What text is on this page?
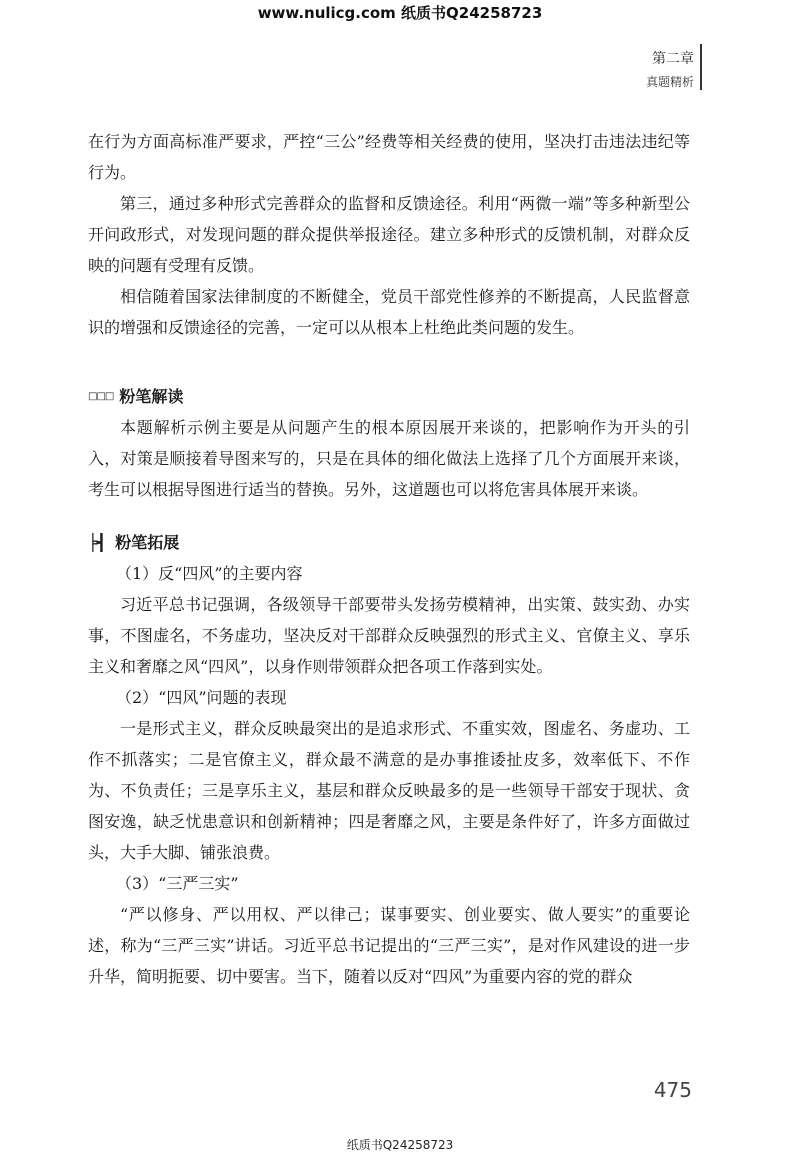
www.nulicg.com 纸质书Q24258723
第二章
真题精析

在行为方面高标准严要求，严控“三公”经费等相关经费的使用，坚决打击违法违纪等行为。

第三，通过多种形式完善群众的监督和反馈途径。利用“两微一端”等多种新型公开问政形式，对发现问题的群众提供举报途径。建立多种形式的反馈机制，对群众反映的问题有受理有反馈。

相信随着国家法律制度的不断健全，党员干部党性修养的不断提高，人民监督意识的增强和反馈途径的完善，一定可以从根本上杜绝此类问题的发生。

□□□ 粉笔解读

本题解析示例主要是从问题产生的根本原因展开来谈的，把影响作为开头的引入，对策是顺接着导图来写的，只是在具体的细化做法上选择了几个方面展开来谈，考生可以根据导图进行适当的替换。另外，这道题也可以将危害具体展开来谈。

╞┫ 粉笔拓展

（1）反“四风”的主要内容

习近平总书记强调，各级领导干部要带头发扬劳模精神，出实策、鼓实劲、办实事，不图虚名，不务虚功，坚决反对干部群众反映强烈的形式主义、官僚主义、享乐主义和奢靡之风“四风”，以身作则带领群众把各项工作落到实处。

（2）“四风”问题的表现

一是形式主义，群众反映最突出的是追求形式、不重实效，图虚名、务虚功、工作不抓落实；二是官僚主义，群众最不满意的是办事推诿扯皮多，效率低下、不作为、不负责任；三是享乐主义，基层和群众反映最多的是一些领导干部安于现状、贪图安逸，缺乏忧患意识和创新精神；四是奢靡之风，主要是条件好了，许多方面做过头，大手大脚、铺张浪费。

（3）“三严三实”

“严以修身、严以用权、严以律己；谋事要实、创业要实、做人要实”的重要论述，称为“三严三实”讲话。习近平总书记提出的“三严三实”，是对作风建设的进一步升华，简明扼要、切中要害。当下，随着以反对“四风”为重要内容的党的群众

475
纸质书Q24258723
